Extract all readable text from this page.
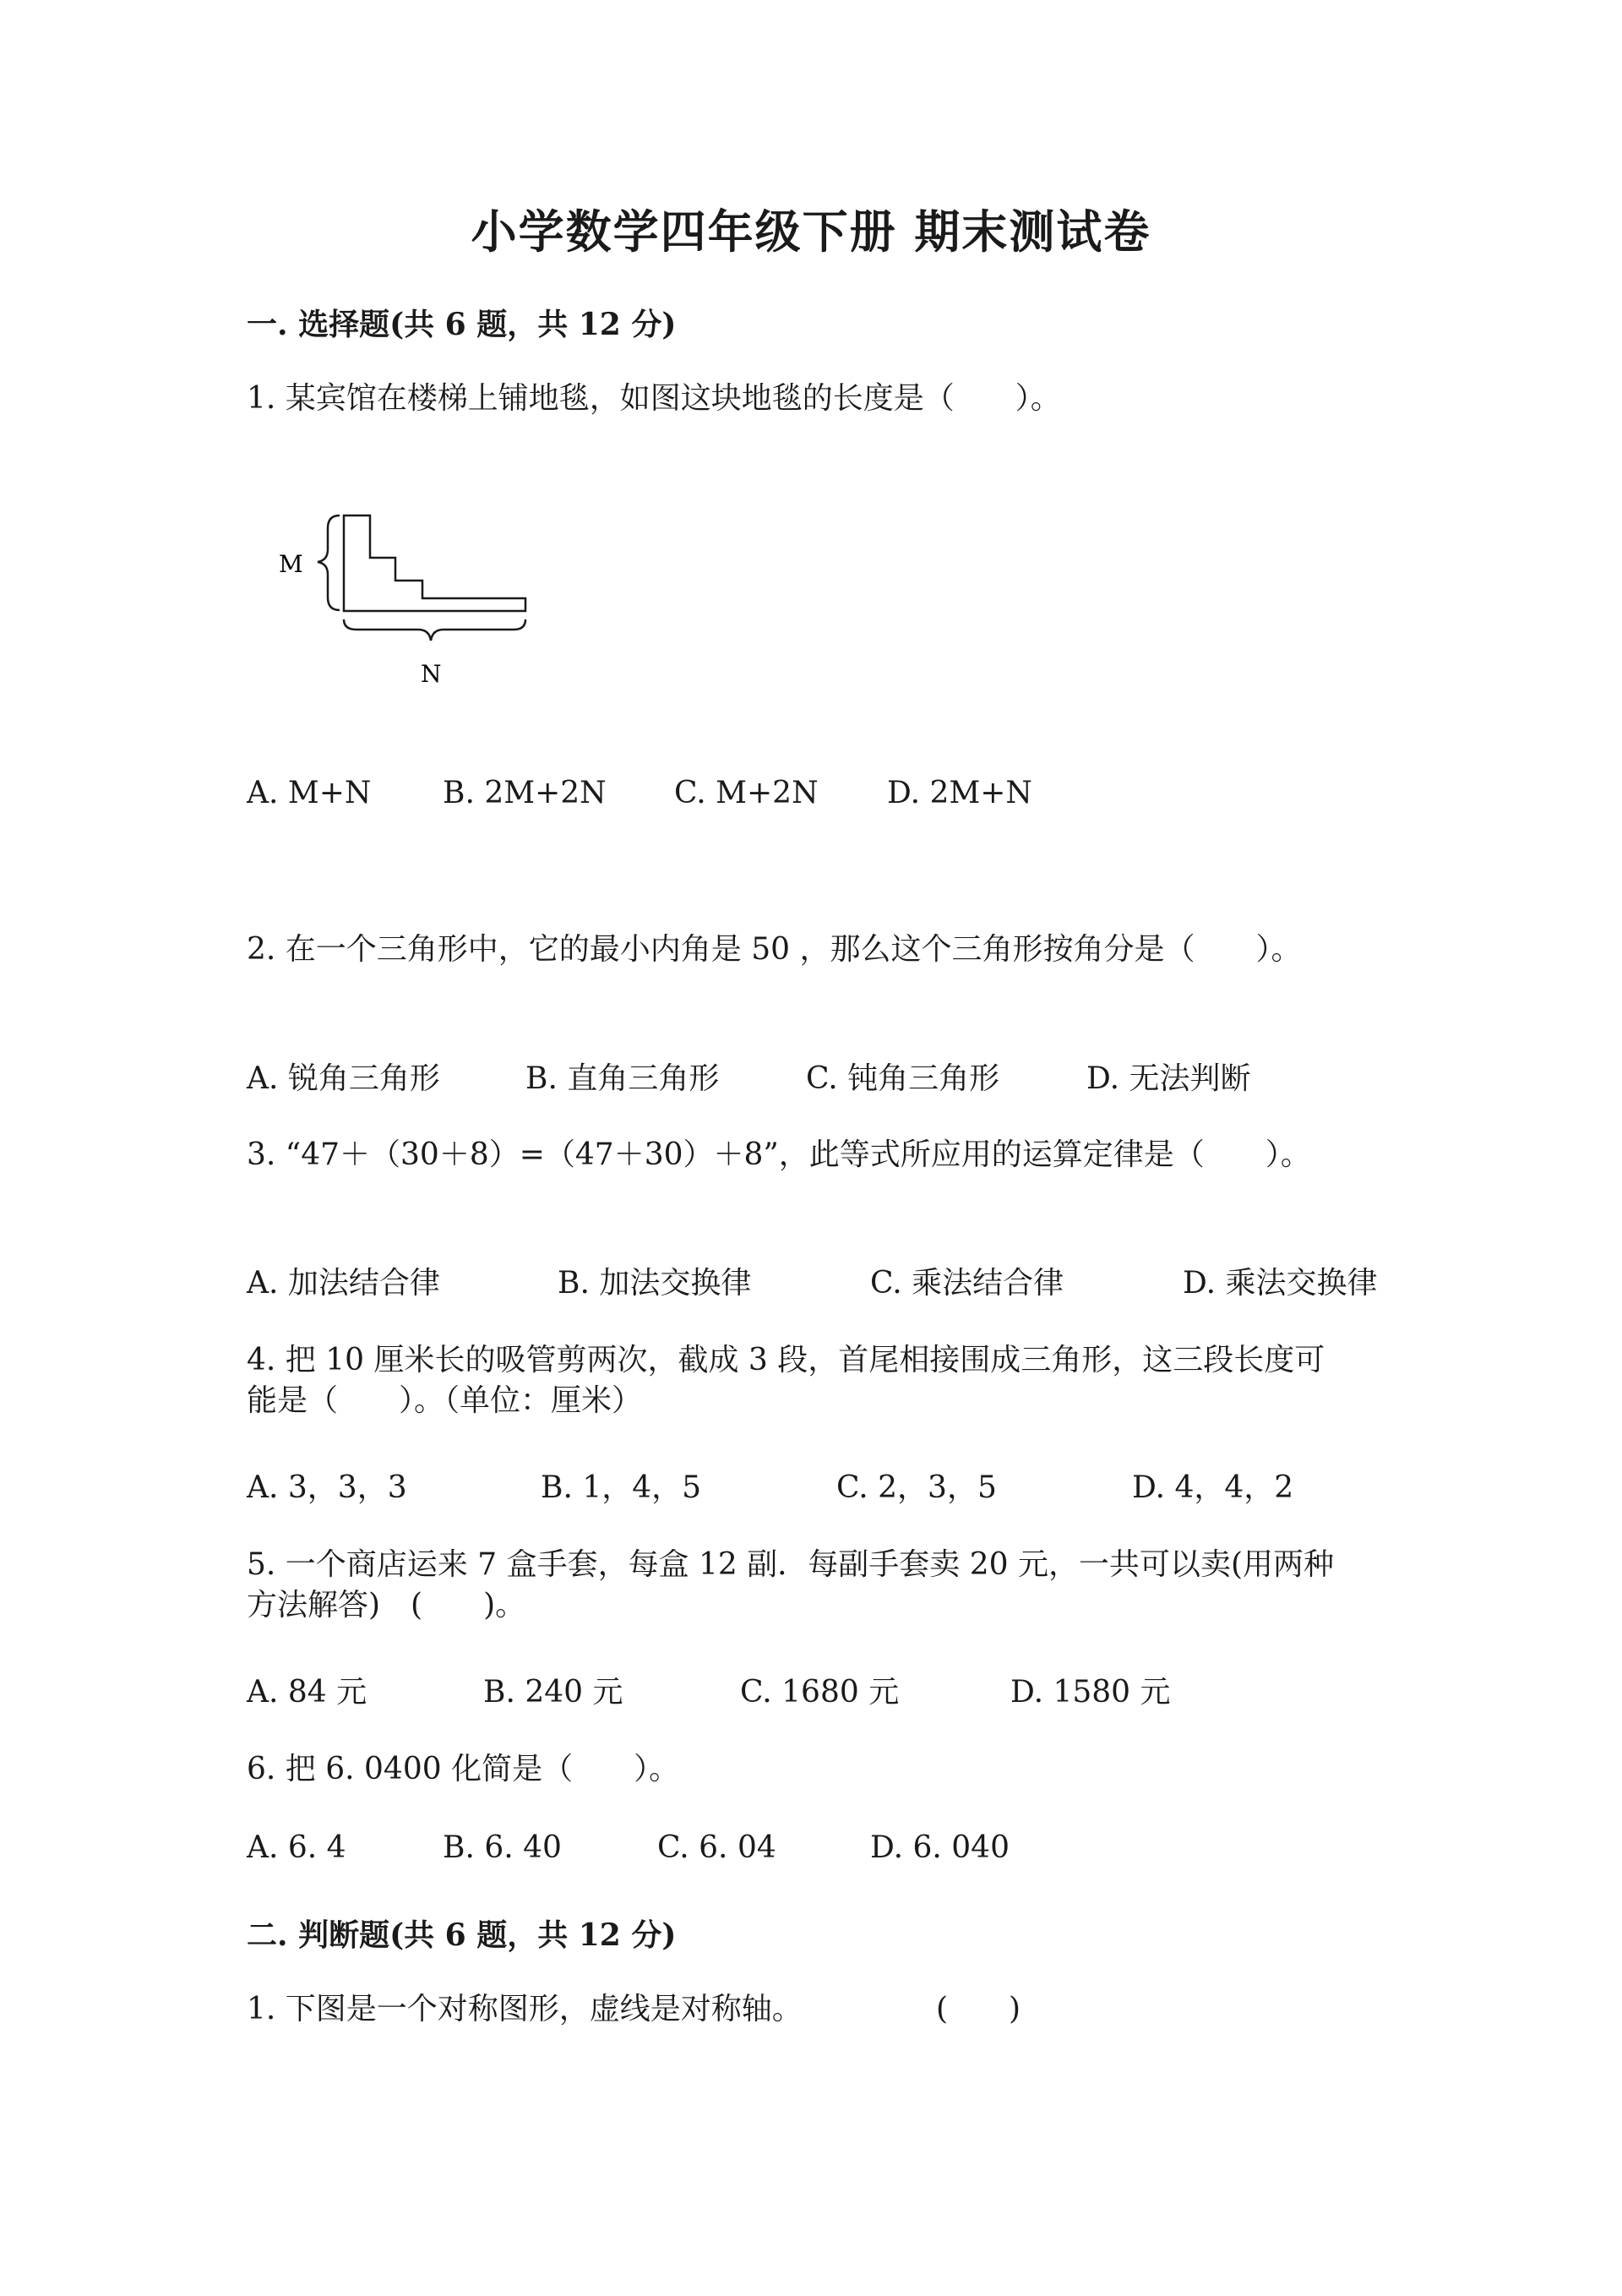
小学数学四年级下册 期末测试卷
一. 选择题(共 6 题，共 12 分)
1. 某宾馆在楼梯上铺地毯，如图这块地毯的长度是（　　）。
M
N
A. M+N B. 2M+2N C. M+2N D. 2M+N
2. 在一个三角形中，它的最小内角是 50 ，那么这个三角形按角分是（　　）。
A. 锐角三角形	B. 直角三角形	C. 钝角三角形	D. 无法判断
3. “47＋（30＋8）=（47＋30）＋8”，此等式所应用的运算定律是（　　）。
A. 加法结合律	B. 加法交换律	C. 乘法结合律	D. 乘法交换律
4. 把 10 厘米长的吸管剪两次，截成 3 段，首尾相接围成三角形，这三段长度可
能是（　　）。（单位：厘米）
A. 3，3，3	B. 1，4，5	C. 2，3，5	D. 4，4，2
5. 一个商店运来 7 盒手套，每盒 12 副．每副手套卖 20 元，一共可以卖(用两种
方法解答)　(　　)。
A. 84 元	B. 240 元	C. 1680 元	D. 1580 元
6. 把 6. 0400 化简是（　　）。
A. 6. 4	B. 6. 40	C. 6. 04	D. 6. 040
二. 判断题(共 6 题，共 12 分)
1. 下图是一个对称图形，虚线是对称轴。	(　　)
